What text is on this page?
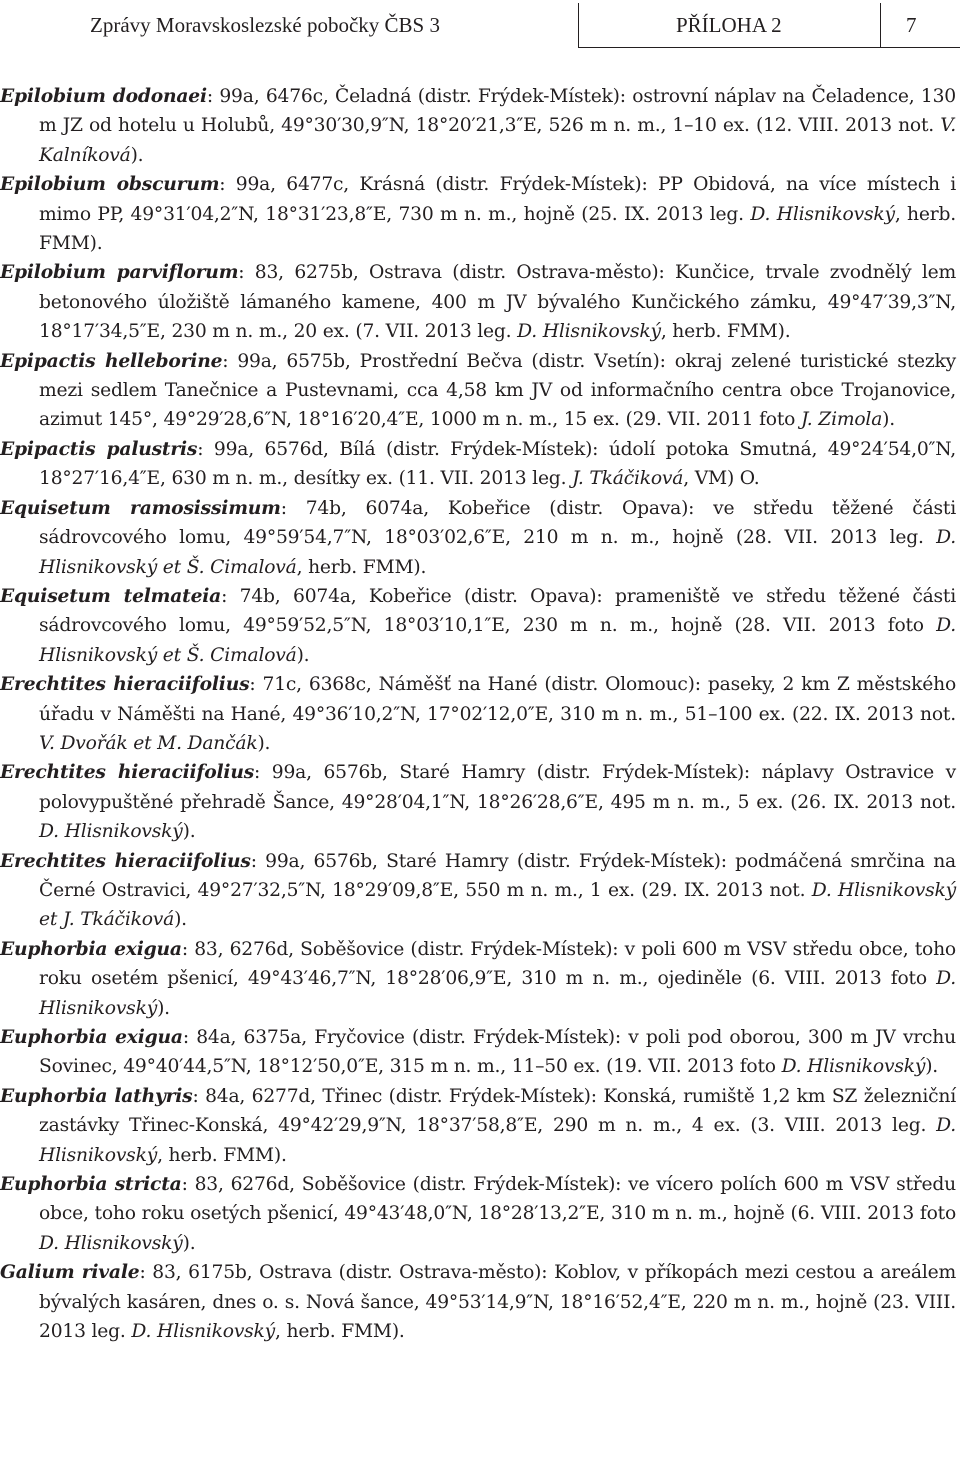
Zprávy Moravskoslezské pobočky ČBS 3	PŘÍLOHA 2	7

Epilobium dodonaei: 99a, 6476c, Čeladná (distr. Frýdek-Místek): ostrovní náplav na Čeladence, 130 m JZ od hotelu u Holubů, 49°30′30,9″N, 18°20′21,3″E, 526 m n. m., 1–10 ex. (12. VIII. 2013 not. V. Kalníková).

Epilobium obscurum: 99a, 6477c, Krásná (distr. Frýdek-Místek): PP Obidová, na více místech i mimo PP, 49°31′04,2″N, 18°31′23,8″E, 730 m n. m., hojně (25. IX. 2013 leg. D. Hlisnikovský, herb. FMM).

Epilobium parviflorum: 83, 6275b, Ostrava (distr. Ostrava-město): Kunčice, trvale zvodnělý lem betonového úložiště lámaného kamene, 400 m JV bývalého Kunčického zámku, 49°47′39,3″N, 18°17′34,5″E, 230 m n. m., 20 ex. (7. VII. 2013 leg. D. Hlisnikovský, herb. FMM).

Epipactis helleborine: 99a, 6575b, Prostřední Bečva (distr. Vsetín): okraj zelené turistické stezky mezi sedlem Tanečnice a Pustevnami, cca 4,58 km JV od informačního centra obce Trojanovice, azimut 145°, 49°29′28,6″N, 18°16′20,4″E, 1000 m n. m., 15 ex. (29. VII. 2011 foto J. Zimola).

Epipactis palustris: 99a, 6576d, Bílá (distr. Frýdek-Místek): údolí potoka Smutná, 49°24′54,0″N, 18°27′16,4″E, 630 m n. m., desítky ex. (11. VII. 2013 leg. J. Tkáčiková, VM) O.

Equisetum ramosissimum: 74b, 6074a, Kobeřice (distr. Opava): ve středu těžené části sádrovcového lomu, 49°59′54,7″N, 18°03′02,6″E, 210 m n. m., hojně (28. VII. 2013 leg. D. Hlisnikovský et Š. Cimalová, herb. FMM).

Equisetum telmateia: 74b, 6074a, Kobeřice (distr. Opava): prameniště ve středu těžené části sádrovcového lomu, 49°59′52,5″N, 18°03′10,1″E, 230 m n. m., hojně (28. VII. 2013 foto D. Hlisnikovský et Š. Cimalová).

Erechtites hieraciifolius: 71c, 6368c, Náměšť na Hané (distr. Olomouc): paseky, 2 km Z městského úřadu v Náměšti na Hané, 49°36′10,2″N, 17°02′12,0″E, 310 m n. m., 51–100 ex. (22. IX. 2013 not. V. Dvořák et M. Dančák).

Erechtites hieraciifolius: 99a, 6576b, Staré Hamry (distr. Frýdek-Místek): náplavy Ostravice v polovypuštěné přehradě Šance, 49°28′04,1″N, 18°26′28,6″E, 495 m n. m., 5 ex. (26. IX. 2013 not. D. Hlisnikovský).

Erechtites hieraciifolius: 99a, 6576b, Staré Hamry (distr. Frýdek-Místek): podmáčená smrčina na Černé Ostravici, 49°27′32,5″N, 18°29′09,8″E, 550 m n. m., 1 ex. (29. IX. 2013 not. D. Hlisnikovský et J. Tkáčiková).

Euphorbia exigua: 83, 6276d, Soběšovice (distr. Frýdek-Místek): v poli 600 m VSV středu obce, toho roku osetém pšenicí, 49°43′46,7″N, 18°28′06,9″E, 310 m n. m., ojediněle (6. VIII. 2013 foto D. Hlisnikovský).

Euphorbia exigua: 84a, 6375a, Fryčovice (distr. Frýdek-Místek): v poli pod oborou, 300 m JV vrchu Sovinec, 49°40′44,5″N, 18°12′50,0″E, 315 m n. m., 11–50 ex. (19. VII. 2013 foto D. Hlisnikovský).

Euphorbia lathyris: 84a, 6277d, Třinec (distr. Frýdek-Místek): Konská, rumiště 1,2 km SZ železniční zastávky Třinec-Konská, 49°42′29,9″N, 18°37′58,8″E, 290 m n. m., 4 ex. (3. VIII. 2013 leg. D. Hlisnikovský, herb. FMM).

Euphorbia stricta: 83, 6276d, Soběšovice (distr. Frýdek-Místek): ve vícero polích 600 m VSV středu obce, toho roku osetých pšenicí, 49°43′48,0″N, 18°28′13,2″E, 310 m n. m., hojně (6. VIII. 2013 foto D. Hlisnikovský).

Galium rivale: 83, 6175b, Ostrava (distr. Ostrava-město): Koblov, v příkopách mezi cestou a areálem bývalých kasáren, dnes o. s. Nová šance, 49°53′14,9″N, 18°16′52,4″E, 220 m n. m., hojně (23. VIII. 2013 leg. D. Hlisnikovský, herb. FMM).
